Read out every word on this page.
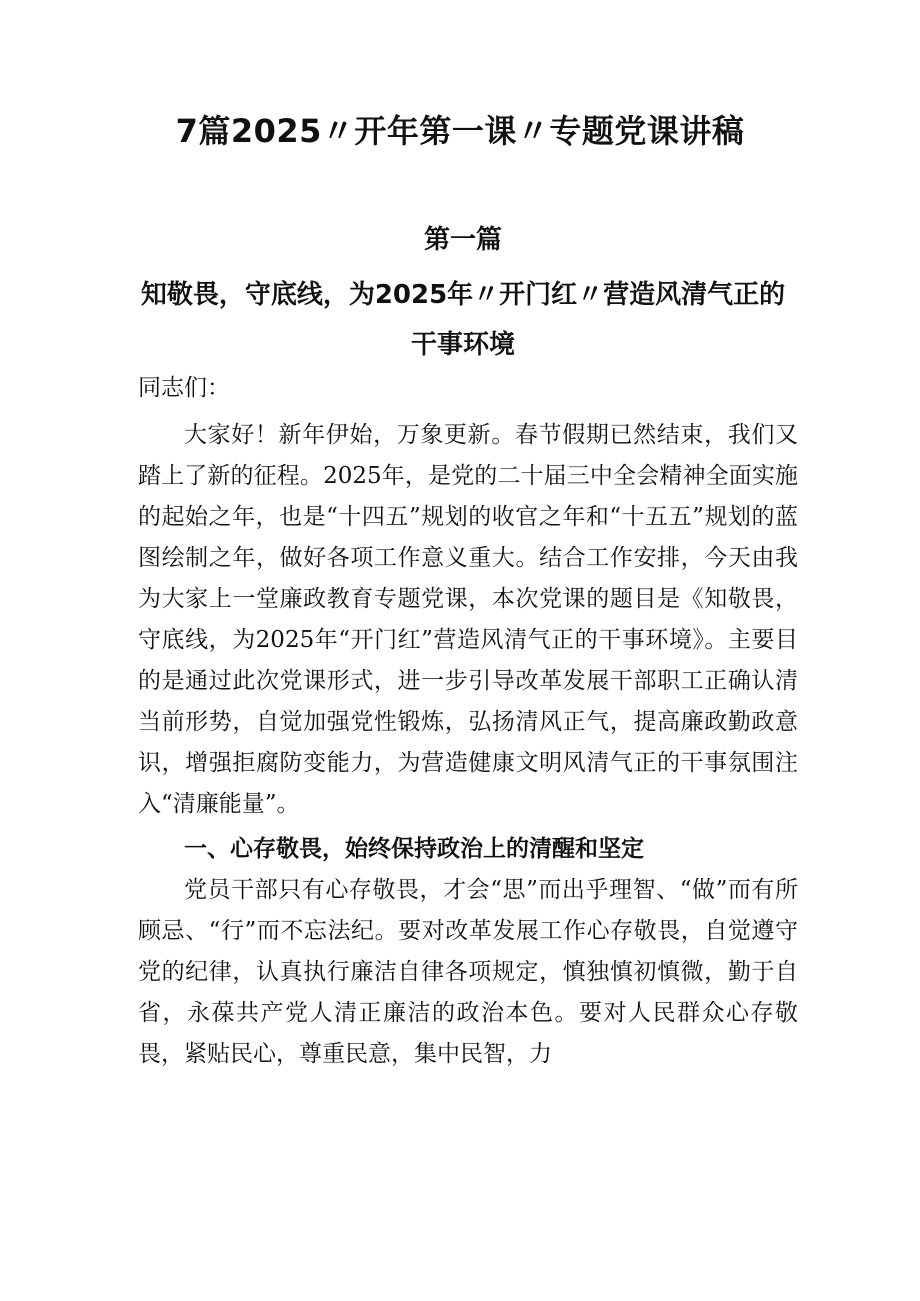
7篇2025〃开年第一课〃专题党课讲稿
第一篇
知敬畏，守底线，为2025年〃开门红〃营造风清气正的干事环境

同志们：

大家好！新年伊始，万象更新。春节假期已然结束，我们又踏上了新的征程。2025年，是党的二十届三中全会精神全面实施的起始之年，也是“十四五”规划的收官之年和“十五五”规划的蓝图绘制之年，做好各项工作意义重大。结合工作安排，今天由我为大家上一堂廉政教育专题党课，本次党课的题目是《知敬畏，守底线，为2025年“开门红”营造风清气正的干事环境》。主要目的是通过此次党课形式，进一步引导改革发展干部职工正确认清当前形势，自觉加强党性锻炼，弘扬清风正气，提高廉政勤政意识，增强拒腐防变能力，为营造健康文明风清气正的干事氛围注入“清廉能量”。

一、心存敬畏，始终保持政治上的清醒和坚定

党员干部只有心存敬畏，才会“思”而出乎理智、“做”而有所顾忌、“行”而不忘法纪。要对改革发展工作心存敬畏，自觉遵守党的纪律，认真执行廉洁自律各项规定，慎独慎初慎微，勤于自省，永葆共产党人清正廉洁的政治本色。要对人民群众心存敬畏，紧贴民心，尊重民意，集中民智，力
